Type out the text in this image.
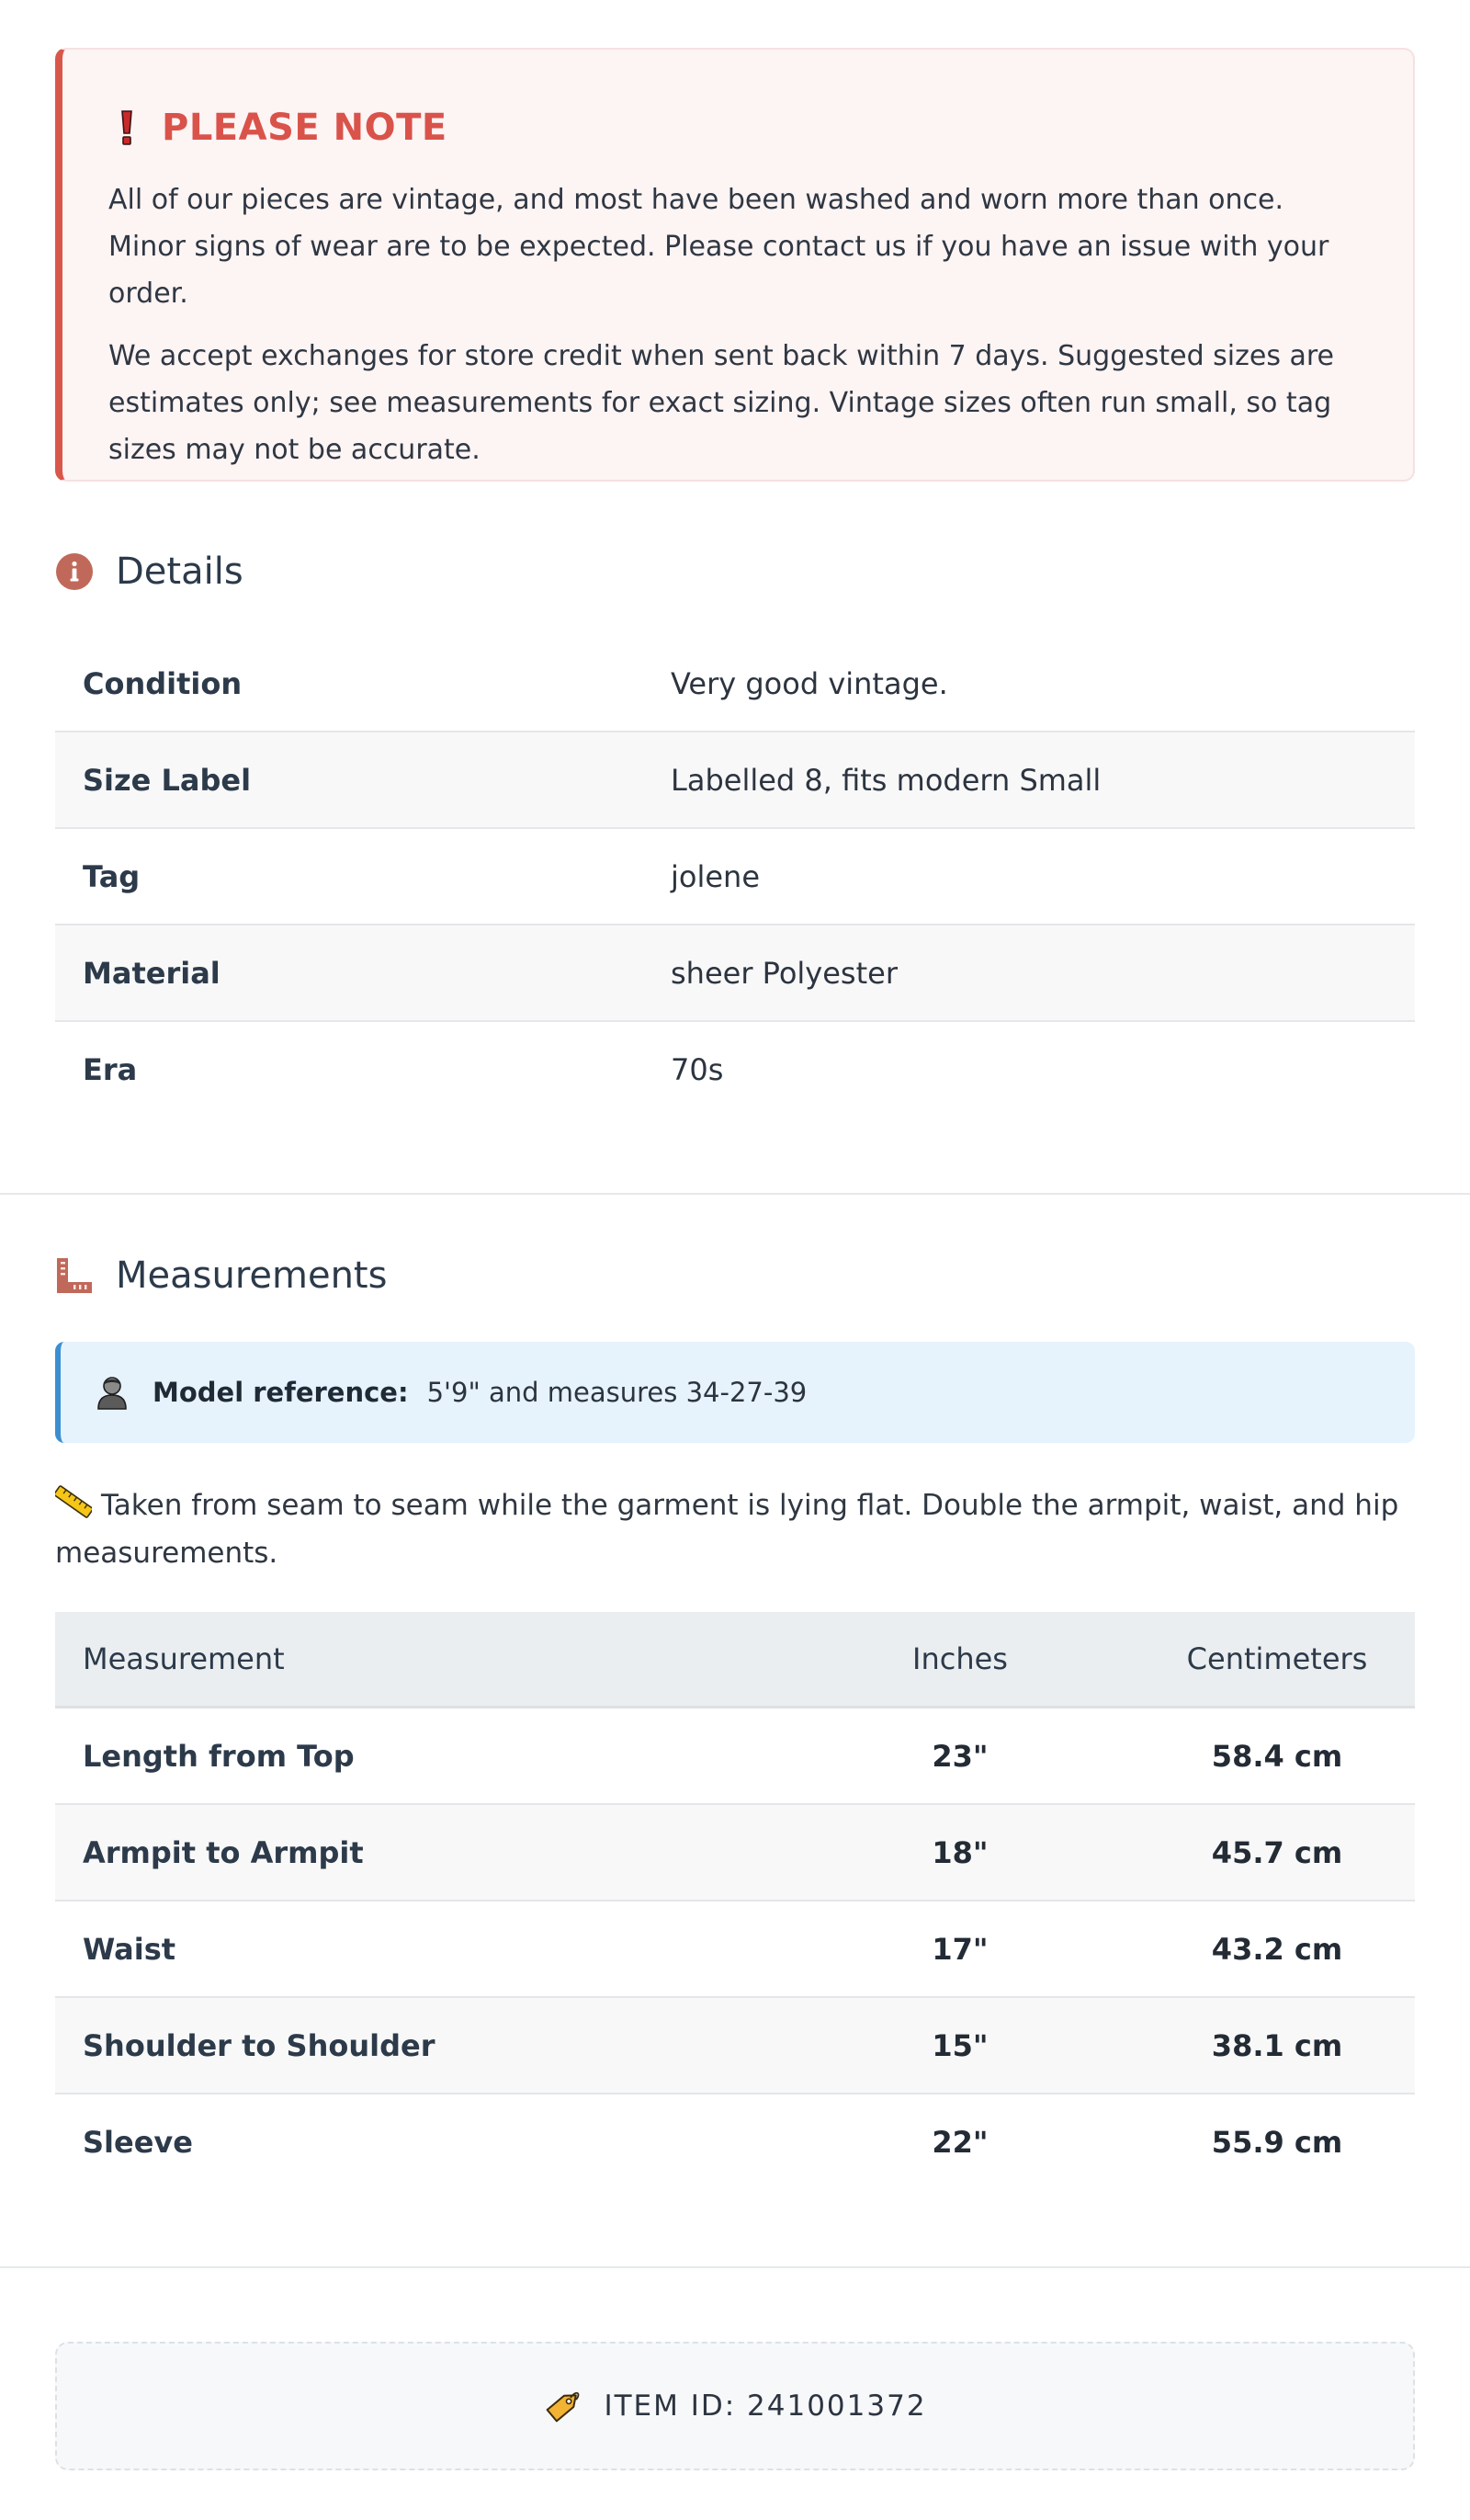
PLEASE NOTE

All of our pieces are vintage, and most have been washed and worn more than once. Minor signs of wear are to be expected. Please contact us if you have an issue with your order.

We accept exchanges for store credit when sent back within 7 days. Suggested sizes are estimates only; see measurements for exact sizing. Vintage sizes often run small, so tag sizes may not be accurate.

Details
Condition	Very good vintage.
Size Label	Labelled 8, fits modern Small
Tag	jolene
Material	sheer Polyester
Era	70s
Measurements
Model reference: 5'9" and measures 34-27-39
Taken from seam to seam while the garment is lying flat. Double the armpit, waist, and hip measurements.
Measurement	Inches	Centimeters
Length from Top	23"	58.4 cm
Armpit to Armpit	18"	45.7 cm
Waist	17"	43.2 cm
Shoulder to Shoulder	15"	38.1 cm
Sleeve	22"	55.9 cm
ITEM ID: 241001372
